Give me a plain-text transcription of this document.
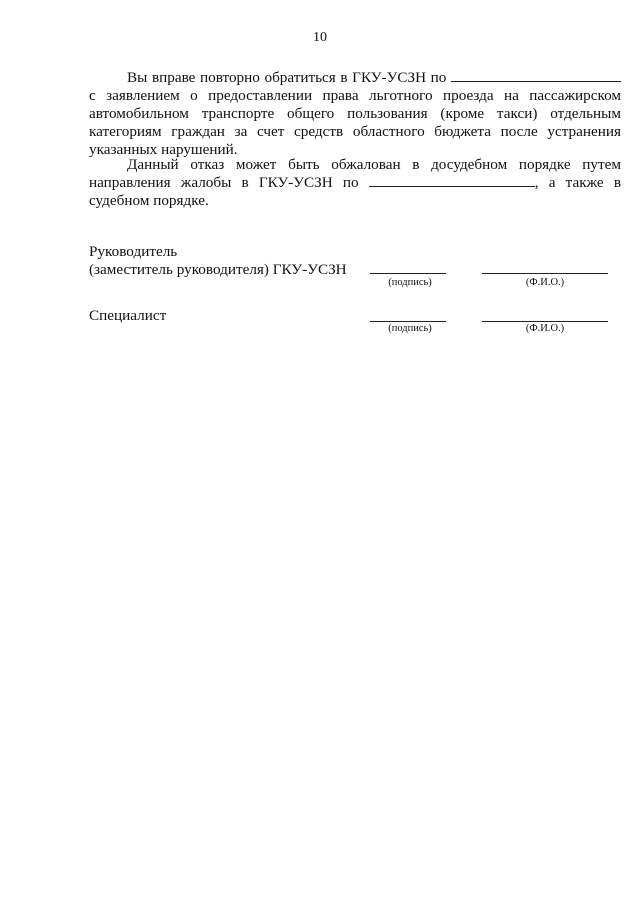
10
Вы вправе повторно обратиться в ГКУ-УСЗН по  с заявлением о предоставлении права льготного проезда на пассажирском автомобильном транспорте общего пользования (кроме такси) отдельным категориям граждан за счет средств областного бюджета после устранения указанных нарушений.
Данный отказ может быть обжалован в досудебном порядке путем направления жалобы в ГКУ-УСЗН по	, а также в судебном порядке.
Руководитель
(заместитель руководителя) ГКУ-УСЗН
(подпись)	(Ф.И.О.)
Специалист
(подпись)	(Ф.И.О.)
